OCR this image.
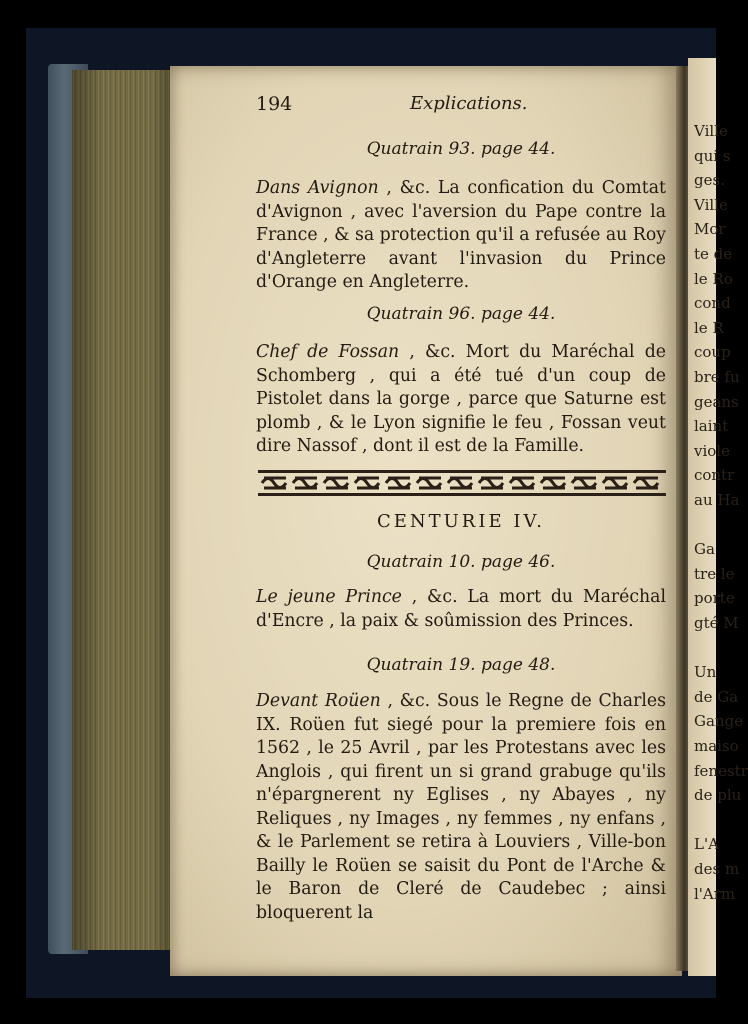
Ville
qui s
ges.
Ville
Mor
te de
le Ro
cond
le R
coup
bre fu
geans
laint
viole
contr
au Ha
Ga
tre le
porte
gté M
Un
de Ga
Gange
maiso
fenestr
de plu
L'A
des m
l'Arm
194	Explications.
Quatrain 93. page 44.
Dans Avignon , &c. La confication du Comtat d'Avignon , avec l'aversion du Pape contre la France , & sa protection qu'il a refusée au Roy d'Angleterre avant l'invasion du Prince d'Orange en Angleterre.
Quatrain 96. page 44.
Chef de Fossan , &c. Mort du Maréchal de Schomberg , qui a été tué d'un coup de Pistolet dans la gorge , parce que Saturne est plomb , & le Lyon signifie le feu , Fossan veut dire Nassof , dont il est de la Famille.
CENTURIE IV.
Quatrain 10. page 46.
Le jeune Prince , &c. La mort du Maréchal d'Encre , la paix & soûmission des Princes.
Quatrain 19. page 48.
Devant Roüen , &c. Sous le Regne de Charles IX. Roüen fut siegé pour la premiere fois en 1562 , le 25 Avril , par les Protestans avec les Anglois , qui firent un si grand grabuge qu'ils n'épargnerent ny Eglises , ny Abayes , ny Reliques , ny Images , ny femmes , ny enfans , & le Parlement se retira à Louviers , Ville-bon Bailly le Roüen se saisit du Pont de l'Arche & le Baron de Cleré de Caudebec ; ainsi bloquerent la
